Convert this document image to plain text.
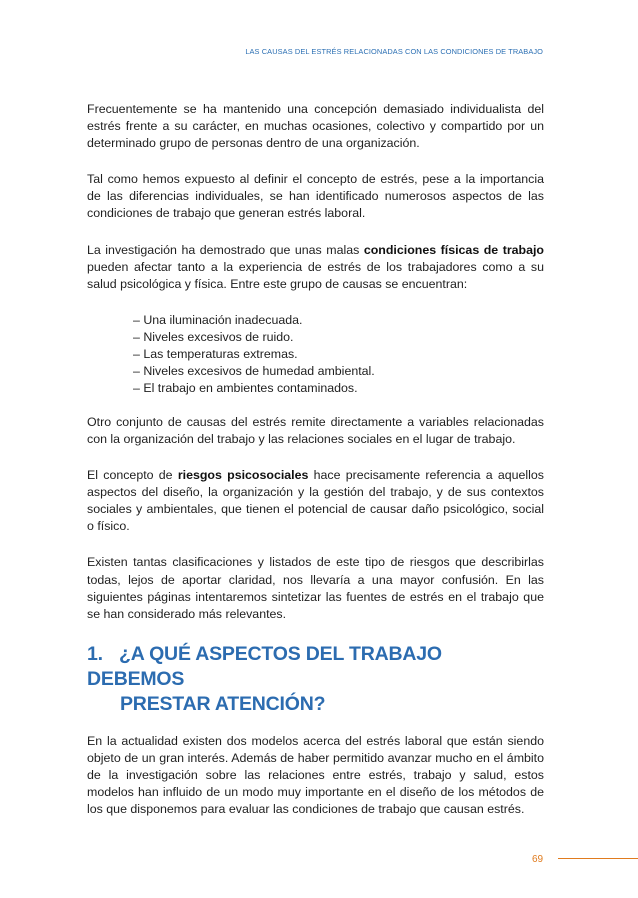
LAS CAUSAS DEL ESTRÉS RELACIONADAS CON LAS CONDICIONES DE TRABAJO

Frecuentemente se ha mantenido una concepción demasiado individualista del estrés frente a su carácter, en muchas ocasiones, colectivo y compartido por un determinado grupo de personas dentro de una organización.

Tal como hemos expuesto al definir el concepto de estrés, pese a la importancia de las diferencias individuales, se han identificado numerosos aspectos de las condiciones de trabajo que generan estrés laboral.

La investigación ha demostrado que unas malas condiciones físicas de trabajo pueden afectar tanto a la experiencia de estrés de los trabajadores como a su salud psicológica y física. Entre este grupo de causas se encuentran:

– Una iluminación inadecuada.
– Niveles excesivos de ruido.
– Las temperaturas extremas.
– Niveles excesivos de humedad ambiental.
– El trabajo en ambientes contaminados.

Otro conjunto de causas del estrés remite directamente a variables relacionadas con la organización del trabajo y las relaciones sociales en el lugar de trabajo.

El concepto de riesgos psicosociales hace precisamente referencia a aquellos aspectos del diseño, la organización y la gestión del trabajo, y de sus contextos sociales y ambientales, que tienen el potencial de causar daño psicológico, social o físico.

Existen tantas clasificaciones y listados de este tipo de riesgos que describirlas todas, lejos de aportar claridad, nos llevaría a una mayor confusión. En las siguientes páginas intentaremos sintetizar las fuentes de estrés en el trabajo que se han considerado más relevantes.

1. ¿A QUÉ ASPECTOS DEL TRABAJO DEBEMOS
PRESTAR ATENCIÓN?

En la actualidad existen dos modelos acerca del estrés laboral que están siendo objeto de un gran interés. Además de haber permitido avanzar mucho en el ámbito de la investigación sobre las relaciones entre estrés, trabajo y salud, estos modelos han influido de un modo muy importante en el diseño de los métodos de los que disponemos para evaluar las condiciones de trabajo que causan estrés.

69
